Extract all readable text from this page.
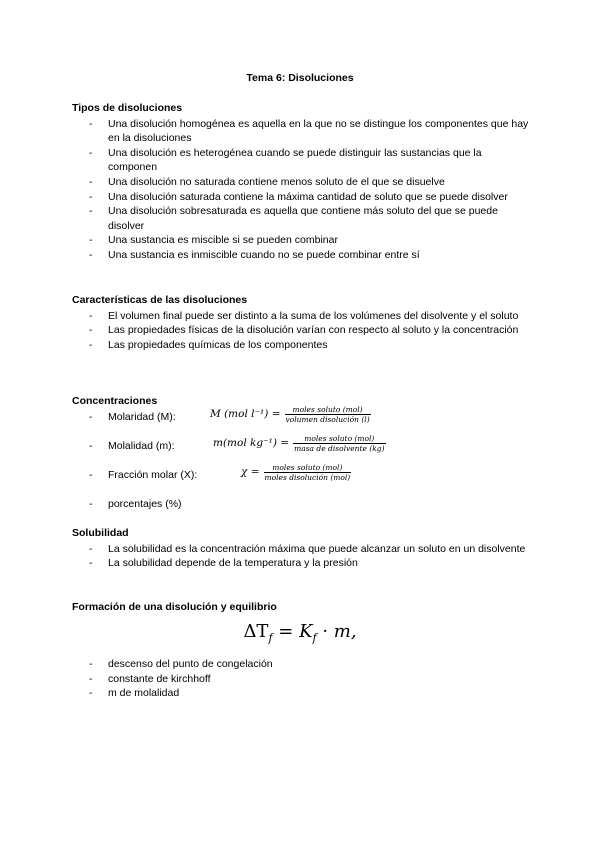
Tema 6: Disoluciones
Tipos de disoluciones
- Una disolución homogénea es aquella en la que no se distingue los componentes que hay en la disoluciones
- Una disolución es heterogénea cuando se puede distinguir las sustancias que la componen
- Una disolución no saturada contiene menos soluto de el que se disuelve
- Una disolución saturada contiene la máxima cantidad de soluto que se puede disolver
- Una disolución sobresaturada es aquella que contiene más soluto del que se puede disolver
- Una sustancia es miscible si se pueden combinar
- Una sustancia es inmiscible cuando no se puede combinar entre sí
Características de las disoluciones
- El volumen final puede ser distinto a la suma de los volúmenes del disolvente y el soluto
- Las propiedades físicas de la disolución varían con respecto al soluto y la concentración
- Las propiedades químicas de los componentes
Concentraciones
- Molaridad (M):	M (mol $l^{-1}) = \frac{\text{moles soluto (mol)}}{\text{volumen disolución (l)}}$
- Molalidad (m):	m(mol $kg^{-1}) = \frac{\text{moles soluto (mol)}}{\text{masa de disolvente (kg)}}$
- Fracción molar (X):	$\chi = \frac{\text{moles soluto (mol)}}{\text{moles disolución (mol)}}$
- porcentajes (%)
Solubilidad
- La solubilidad es la concentración máxima que puede alcanzar un soluto en un disolvente
- La solubilidad depende de la temperatura y la presión
Formación de una disolución y equilibrio
$\Delta T_f = K_f \cdot m$,
- descenso del punto de congelación
- constante de kirchhoff
- m de molalidad
